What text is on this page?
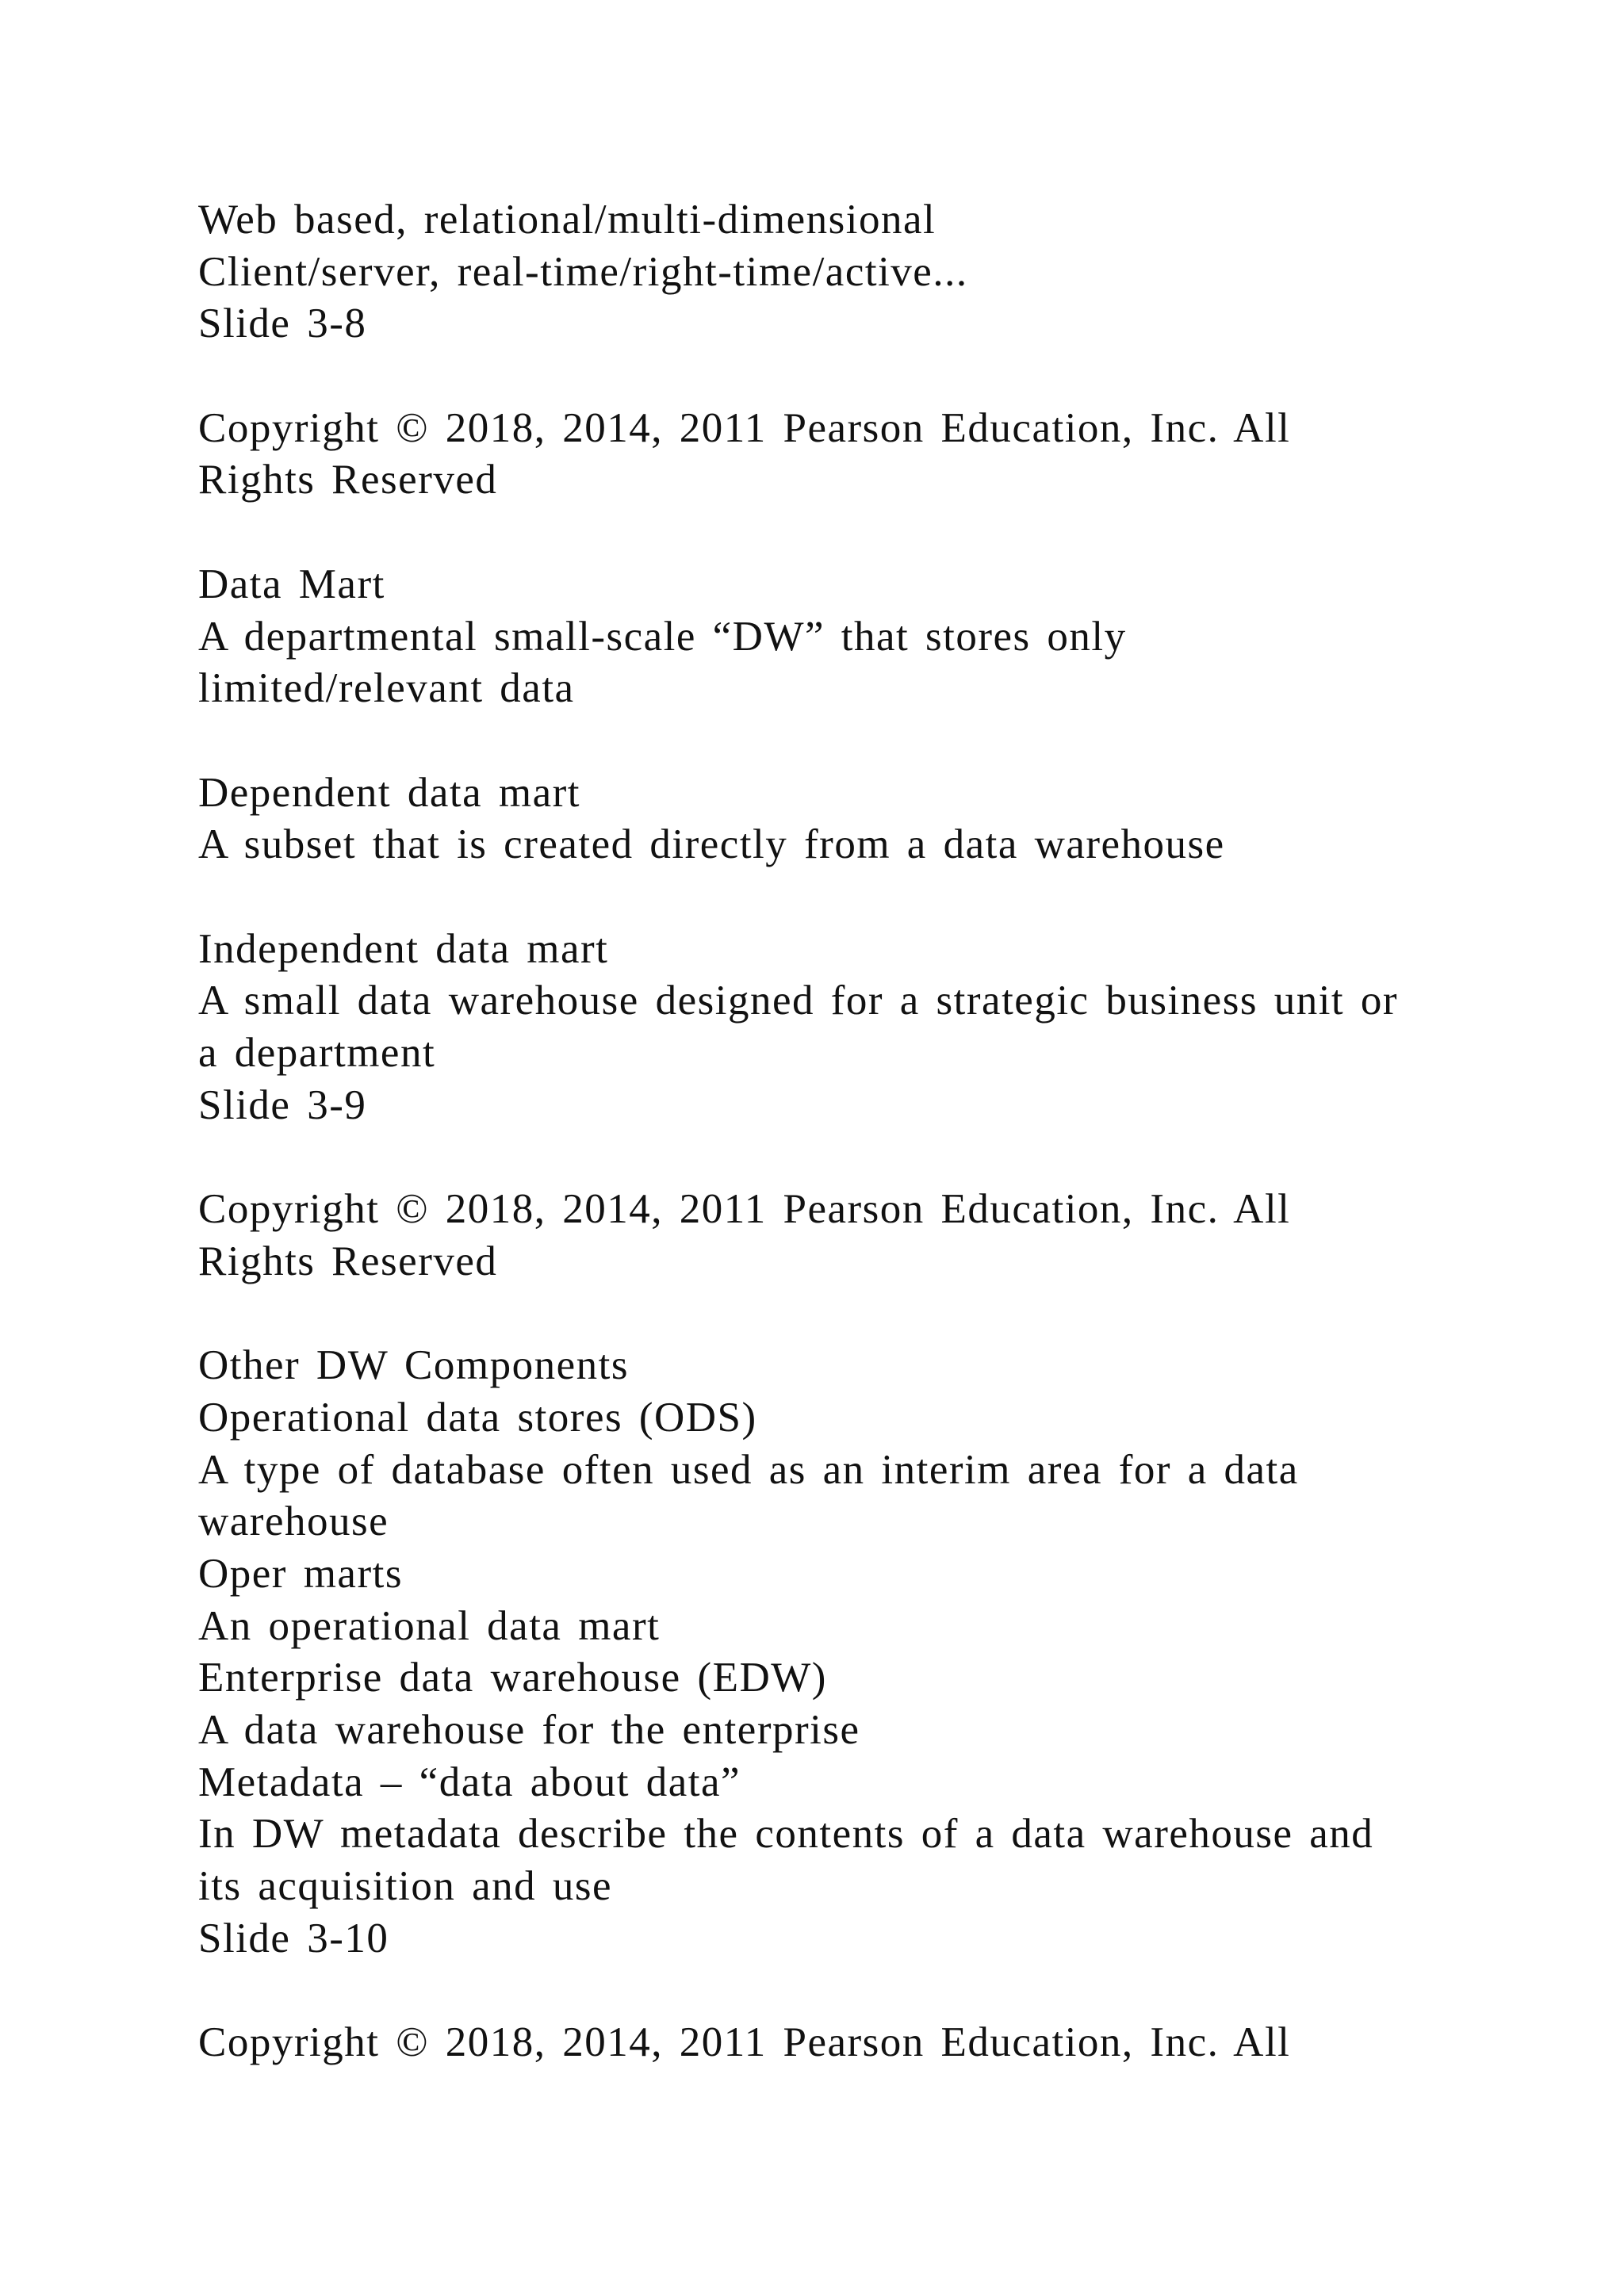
Web based, relational/multi-dimensional
Client/server, real-time/right-time/active...
Slide 3-8
Copyright © 2018, 2014, 2011 Pearson Education, Inc. All
Rights Reserved
Data Mart
A departmental small-scale “DW” that stores only
limited/relevant data
Dependent data mart
A subset that is created directly from a data warehouse
Independent data mart
A small data warehouse designed for a strategic business unit or
a department
Slide 3-9
Copyright © 2018, 2014, 2011 Pearson Education, Inc. All
Rights Reserved
Other DW Components
Operational data stores (ODS)
A type of database often used as an interim area for a data
warehouse
Oper marts
An operational data mart
Enterprise data warehouse (EDW)
A data warehouse for the enterprise
Metadata – “data about data”
In DW metadata describe the contents of a data warehouse and
its acquisition and use
Slide 3-10
Copyright © 2018, 2014, 2011 Pearson Education, Inc. All
